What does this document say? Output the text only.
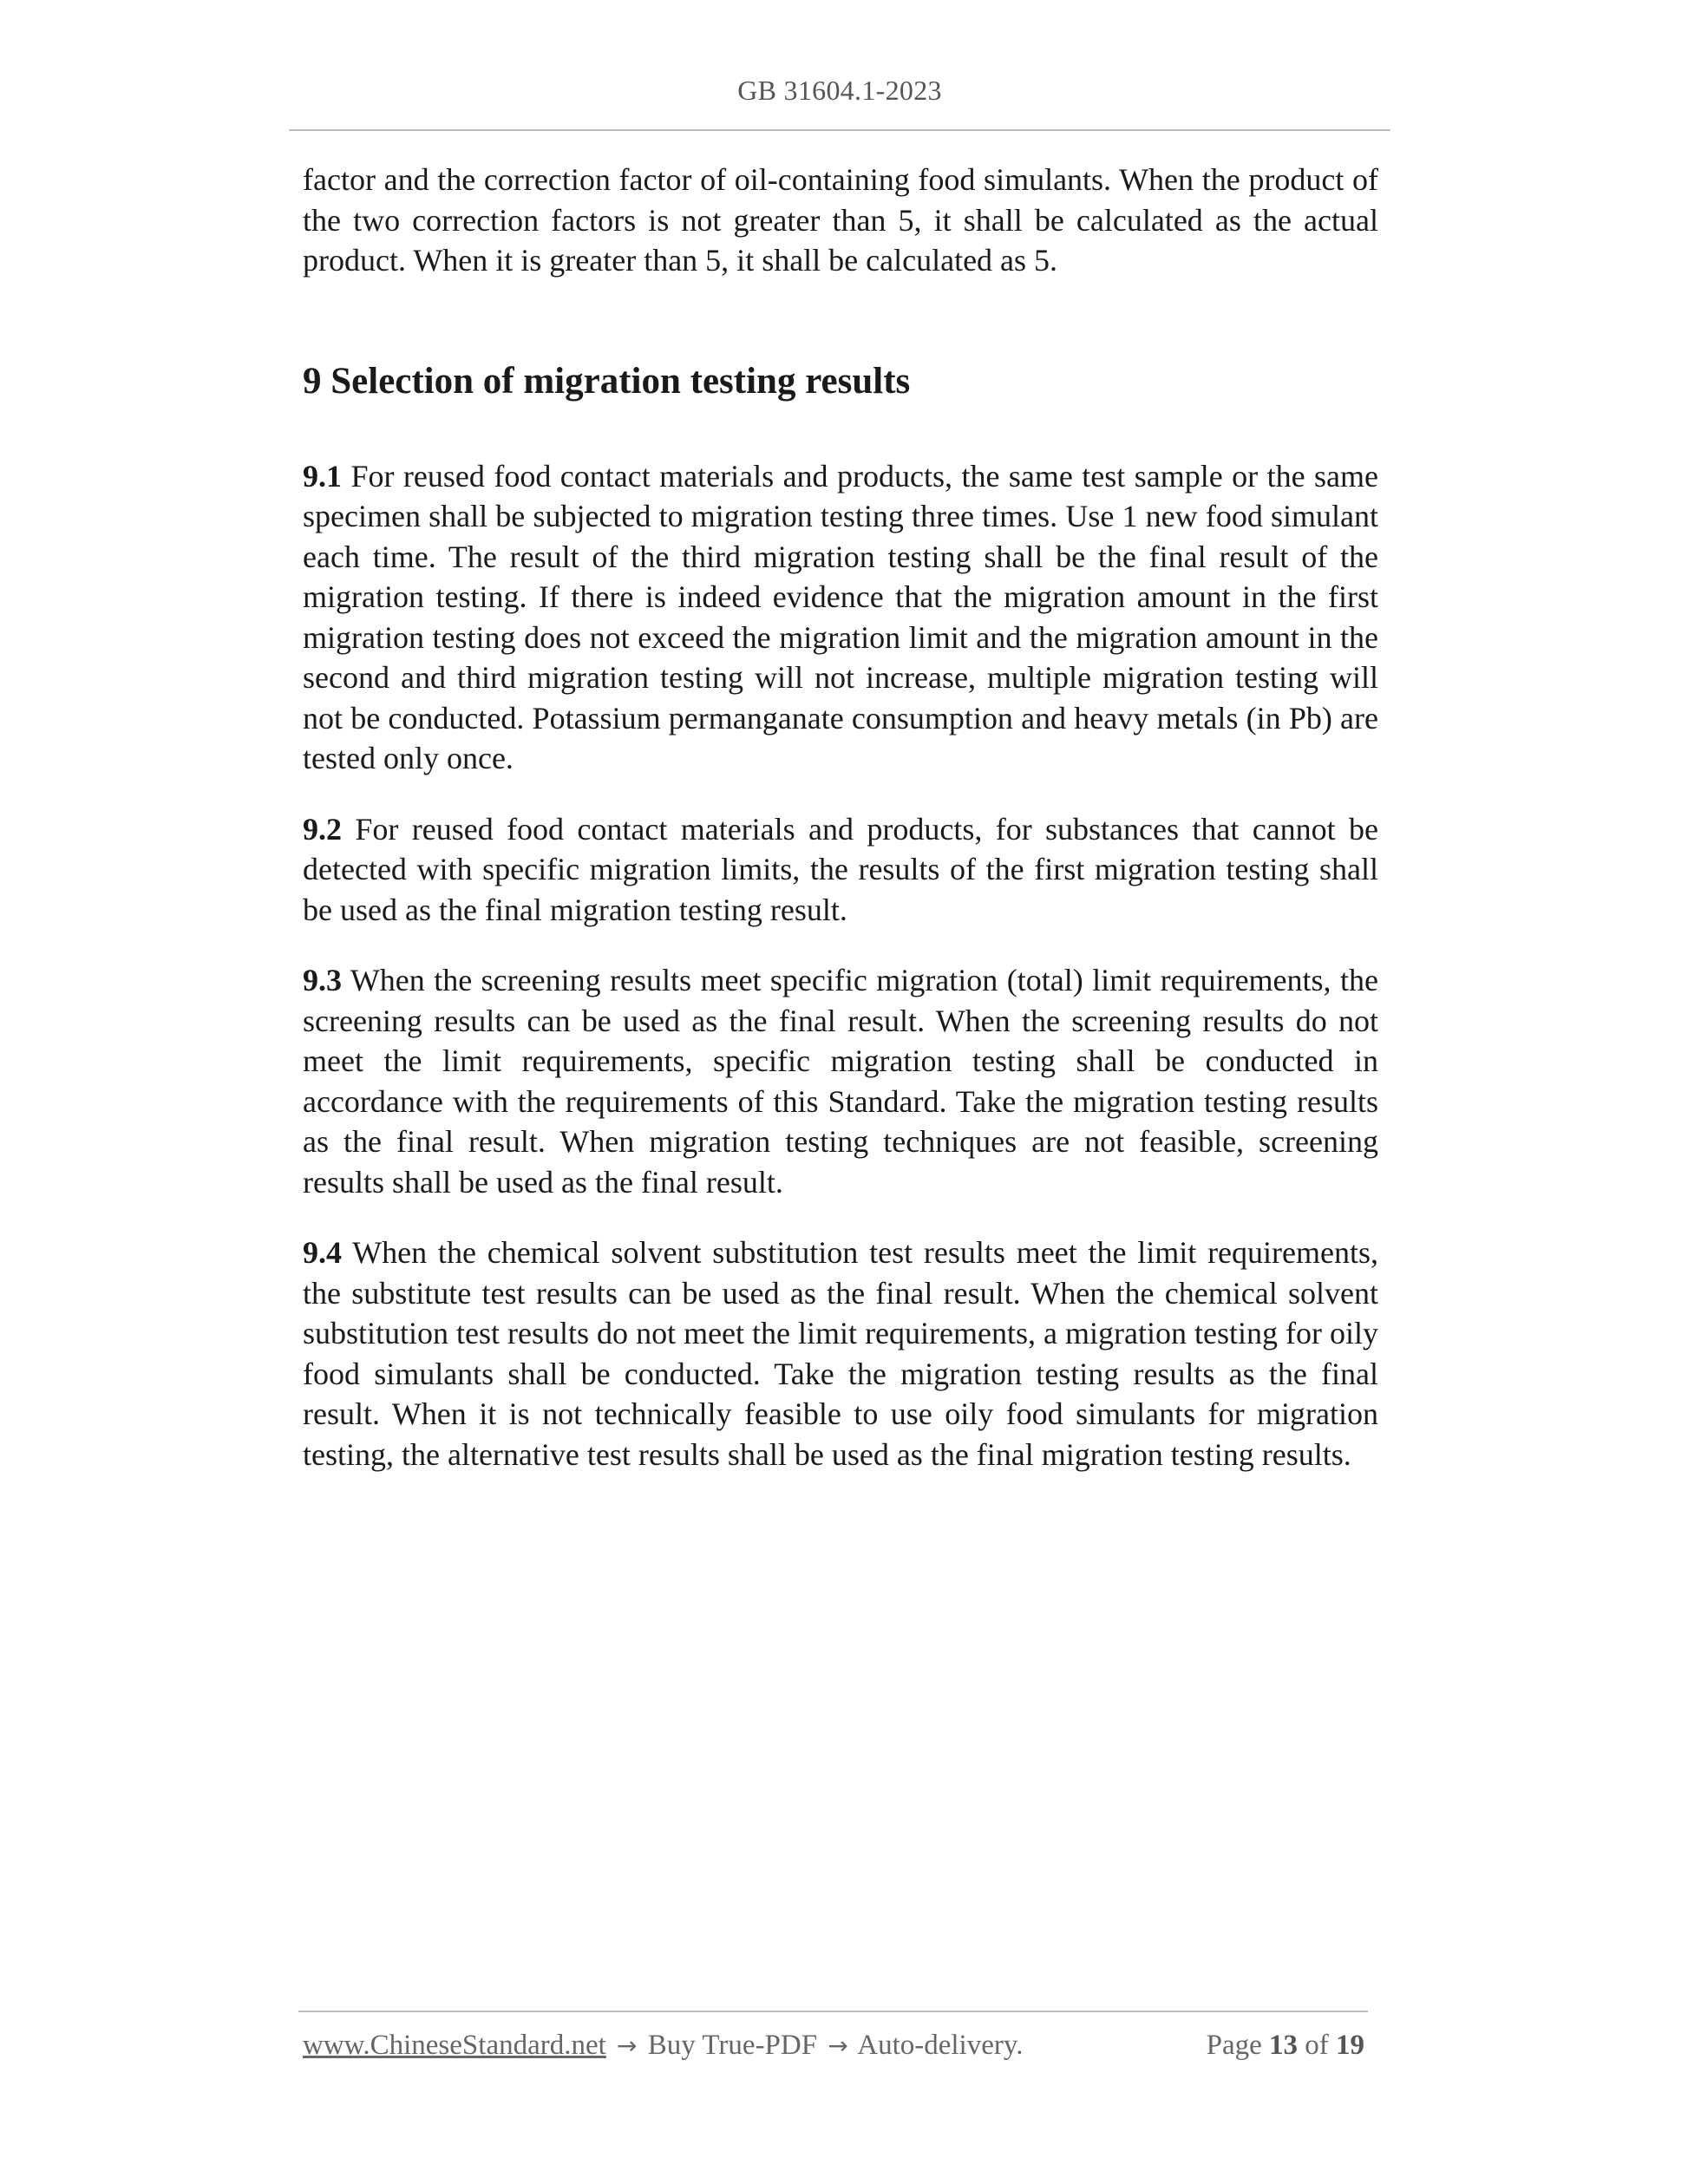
GB 31604.1-2023

factor and the correction factor of oil-containing food simulants. When the product of the two correction factors is not greater than 5, it shall be calculated as the actual product. When it is greater than 5, it shall be calculated as 5.

9 Selection of migration testing results

9.1 For reused food contact materials and products, the same test sample or the same specimen shall be subjected to migration testing three times. Use 1 new food simulant each time. The result of the third migration testing shall be the final result of the migration testing. If there is indeed evidence that the migration amount in the first migration testing does not exceed the migration limit and the migration amount in the second and third migration testing will not increase, multiple migration testing will not be conducted. Potassium permanganate consumption and heavy metals (in Pb) are tested only once.

9.2 For reused food contact materials and products, for substances that cannot be detected with specific migration limits, the results of the first migration testing shall be used as the final migration testing result.

9.3 When the screening results meet specific migration (total) limit requirements, the screening results can be used as the final result. When the screening results do not meet the limit requirements, specific migration testing shall be conducted in accordance with the requirements of this Standard. Take the migration testing results as the final result. When migration testing techniques are not feasible, screening results shall be used as the final result.

9.4 When the chemical solvent substitution test results meet the limit requirements, the substitute test results can be used as the final result. When the chemical solvent substitution test results do not meet the limit requirements, a migration testing for oily food simulants shall be conducted. Take the migration testing results as the final result. When it is not technically feasible to use oily food simulants for migration testing, the alternative test results shall be used as the final migration testing results.

www.ChineseStandard.net → Buy True-PDF → Auto-delivery.	Page 13 of 19
